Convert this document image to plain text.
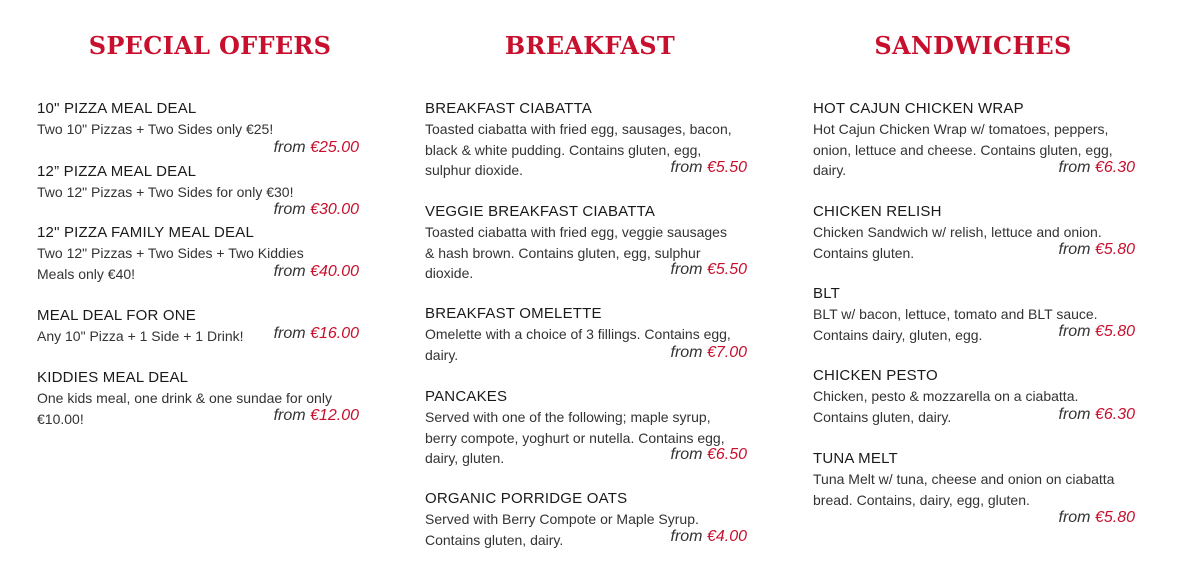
SPECIAL OFFERS
10" PIZZA MEAL DEAL
Two 10" Pizzas + Two Sides only €25!
from €25.00
12” PIZZA MEAL DEAL
Two 12" Pizzas + Two Sides for only €30!
from €30.00
12" PIZZA FAMILY MEAL DEAL
Two 12" Pizzas + Two Sides + Two Kiddies Meals only €40!	from €40.00
MEAL DEAL FOR ONE
Any 10" Pizza + 1 Side + 1 Drink!	from €16.00
KIDDIES MEAL DEAL
One kids meal, one drink & one sundae for only €10.00!	from €12.00
BREAKFAST
BREAKFAST CIABATTA
Toasted ciabatta with fried egg, sausages, bacon, black & white pudding. Contains gluten, egg, sulphur dioxide.	from €5.50
VEGGIE BREAKFAST CIABATTA
Toasted ciabatta with fried egg, veggie sausages & hash brown. Contains gluten, egg, sulphur dioxide.	from €5.50
BREAKFAST OMELETTE
Omelette with a choice of 3 fillings. Contains egg, dairy.	from €7.00
PANCAKES
Served with one of the following; maple syrup, berry compote, yoghurt or nutella. Contains egg, dairy, gluten.	from €6.50
ORGANIC PORRIDGE OATS
Served with Berry Compote or Maple Syrup. Contains gluten, dairy.	from €4.00
SANDWICHES
HOT CAJUN CHICKEN WRAP
Hot Cajun Chicken Wrap w/ tomatoes, peppers, onion, lettuce and cheese. Contains gluten, egg, dairy.	from €6.30
CHICKEN RELISH
Chicken Sandwich w/ relish, lettuce and onion. Contains gluten.	from €5.80
BLT
BLT w/ bacon, lettuce, tomato and BLT sauce. Contains dairy, gluten, egg.	from €5.80
CHICKEN PESTO
Chicken, pesto & mozzarella on a ciabatta. Contains gluten, dairy.	from €6.30
TUNA MELT
Tuna Melt w/ tuna, cheese and onion on ciabatta bread. Contains, dairy, egg, gluten.
from €5.80
